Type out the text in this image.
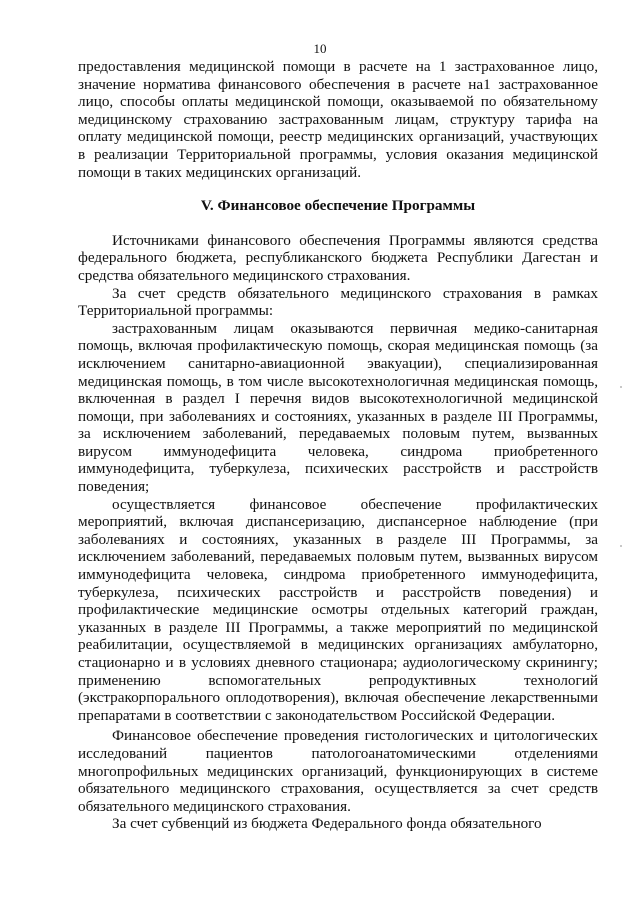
10

предоставления медицинской помощи в расчете на 1 застрахованное лицо, значение норматива финансового обеспечения в расчете на1 застрахованное лицо, способы оплаты медицинской помощи, оказываемой по обязательному медицинскому страхованию застрахованным лицам, структуру тарифа на оплату медицинской помощи, реестр медицинских организаций, участвующих в реализации Территориальной программы, условия оказания медицинской помощи в таких медицинских организаций.

V. Финансовое обеспечение Программы

Источниками финансового обеспечения Программы являются средства федерального бюджета, республиканского бюджета Республики Дагестан и средства обязательного медицинского страхования.

За счет средств обязательного медицинского страхования в рамках Территориальной программы:

застрахованным лицам оказываются первичная медико-санитарная помощь, включая профилактическую помощь, скорая медицинская помощь (за исключением санитарно-авиационной эвакуации), специализированная медицинская помощь, в том числе высокотехнологичная медицинская помощь, включенная в раздел I перечня видов высокотехнологичной медицинской помощи, при заболеваниях и состояниях, указанных в разделе III Программы, за исключением заболеваний, передаваемых половым путем, вызванных вирусом иммунодефицита человека, синдрома приобретенного иммунодефицита, туберкулеза, психических расстройств и расстройств поведения;

осуществляется финансовое обеспечение профилактических мероприятий, включая диспансеризацию, диспансерное наблюдение (при заболеваниях и состояниях, указанных в разделе III Программы, за исключением заболеваний, передаваемых половым путем, вызванных вирусом иммунодефицита человека, синдрома приобретенного иммунодефицита, туберкулеза, психических расстройств и расстройств поведения) и профилактические медицинские осмотры отдельных категорий граждан, указанных в разделе III Программы, а также мероприятий по медицинской реабилитации, осуществляемой в медицинских организациях амбулаторно, стационарно и в условиях дневного стационара; аудиологическому скринингу; применению вспомогательных репродуктивных технологий (экстракорпорального оплодотворения), включая обеспечение лекарственными препаратами в соответствии с законодательством Российской Федерации.

Финансовое обеспечение проведения гистологических и цитологических исследований пациентов патологоанатомическими отделениями многопрофильных медицинских организаций, функционирующих в системе обязательного медицинского страхования, осуществляется за счет средств обязательного медицинского страхования.

За счет субвенций из бюджета Федерального фонда обязательного
